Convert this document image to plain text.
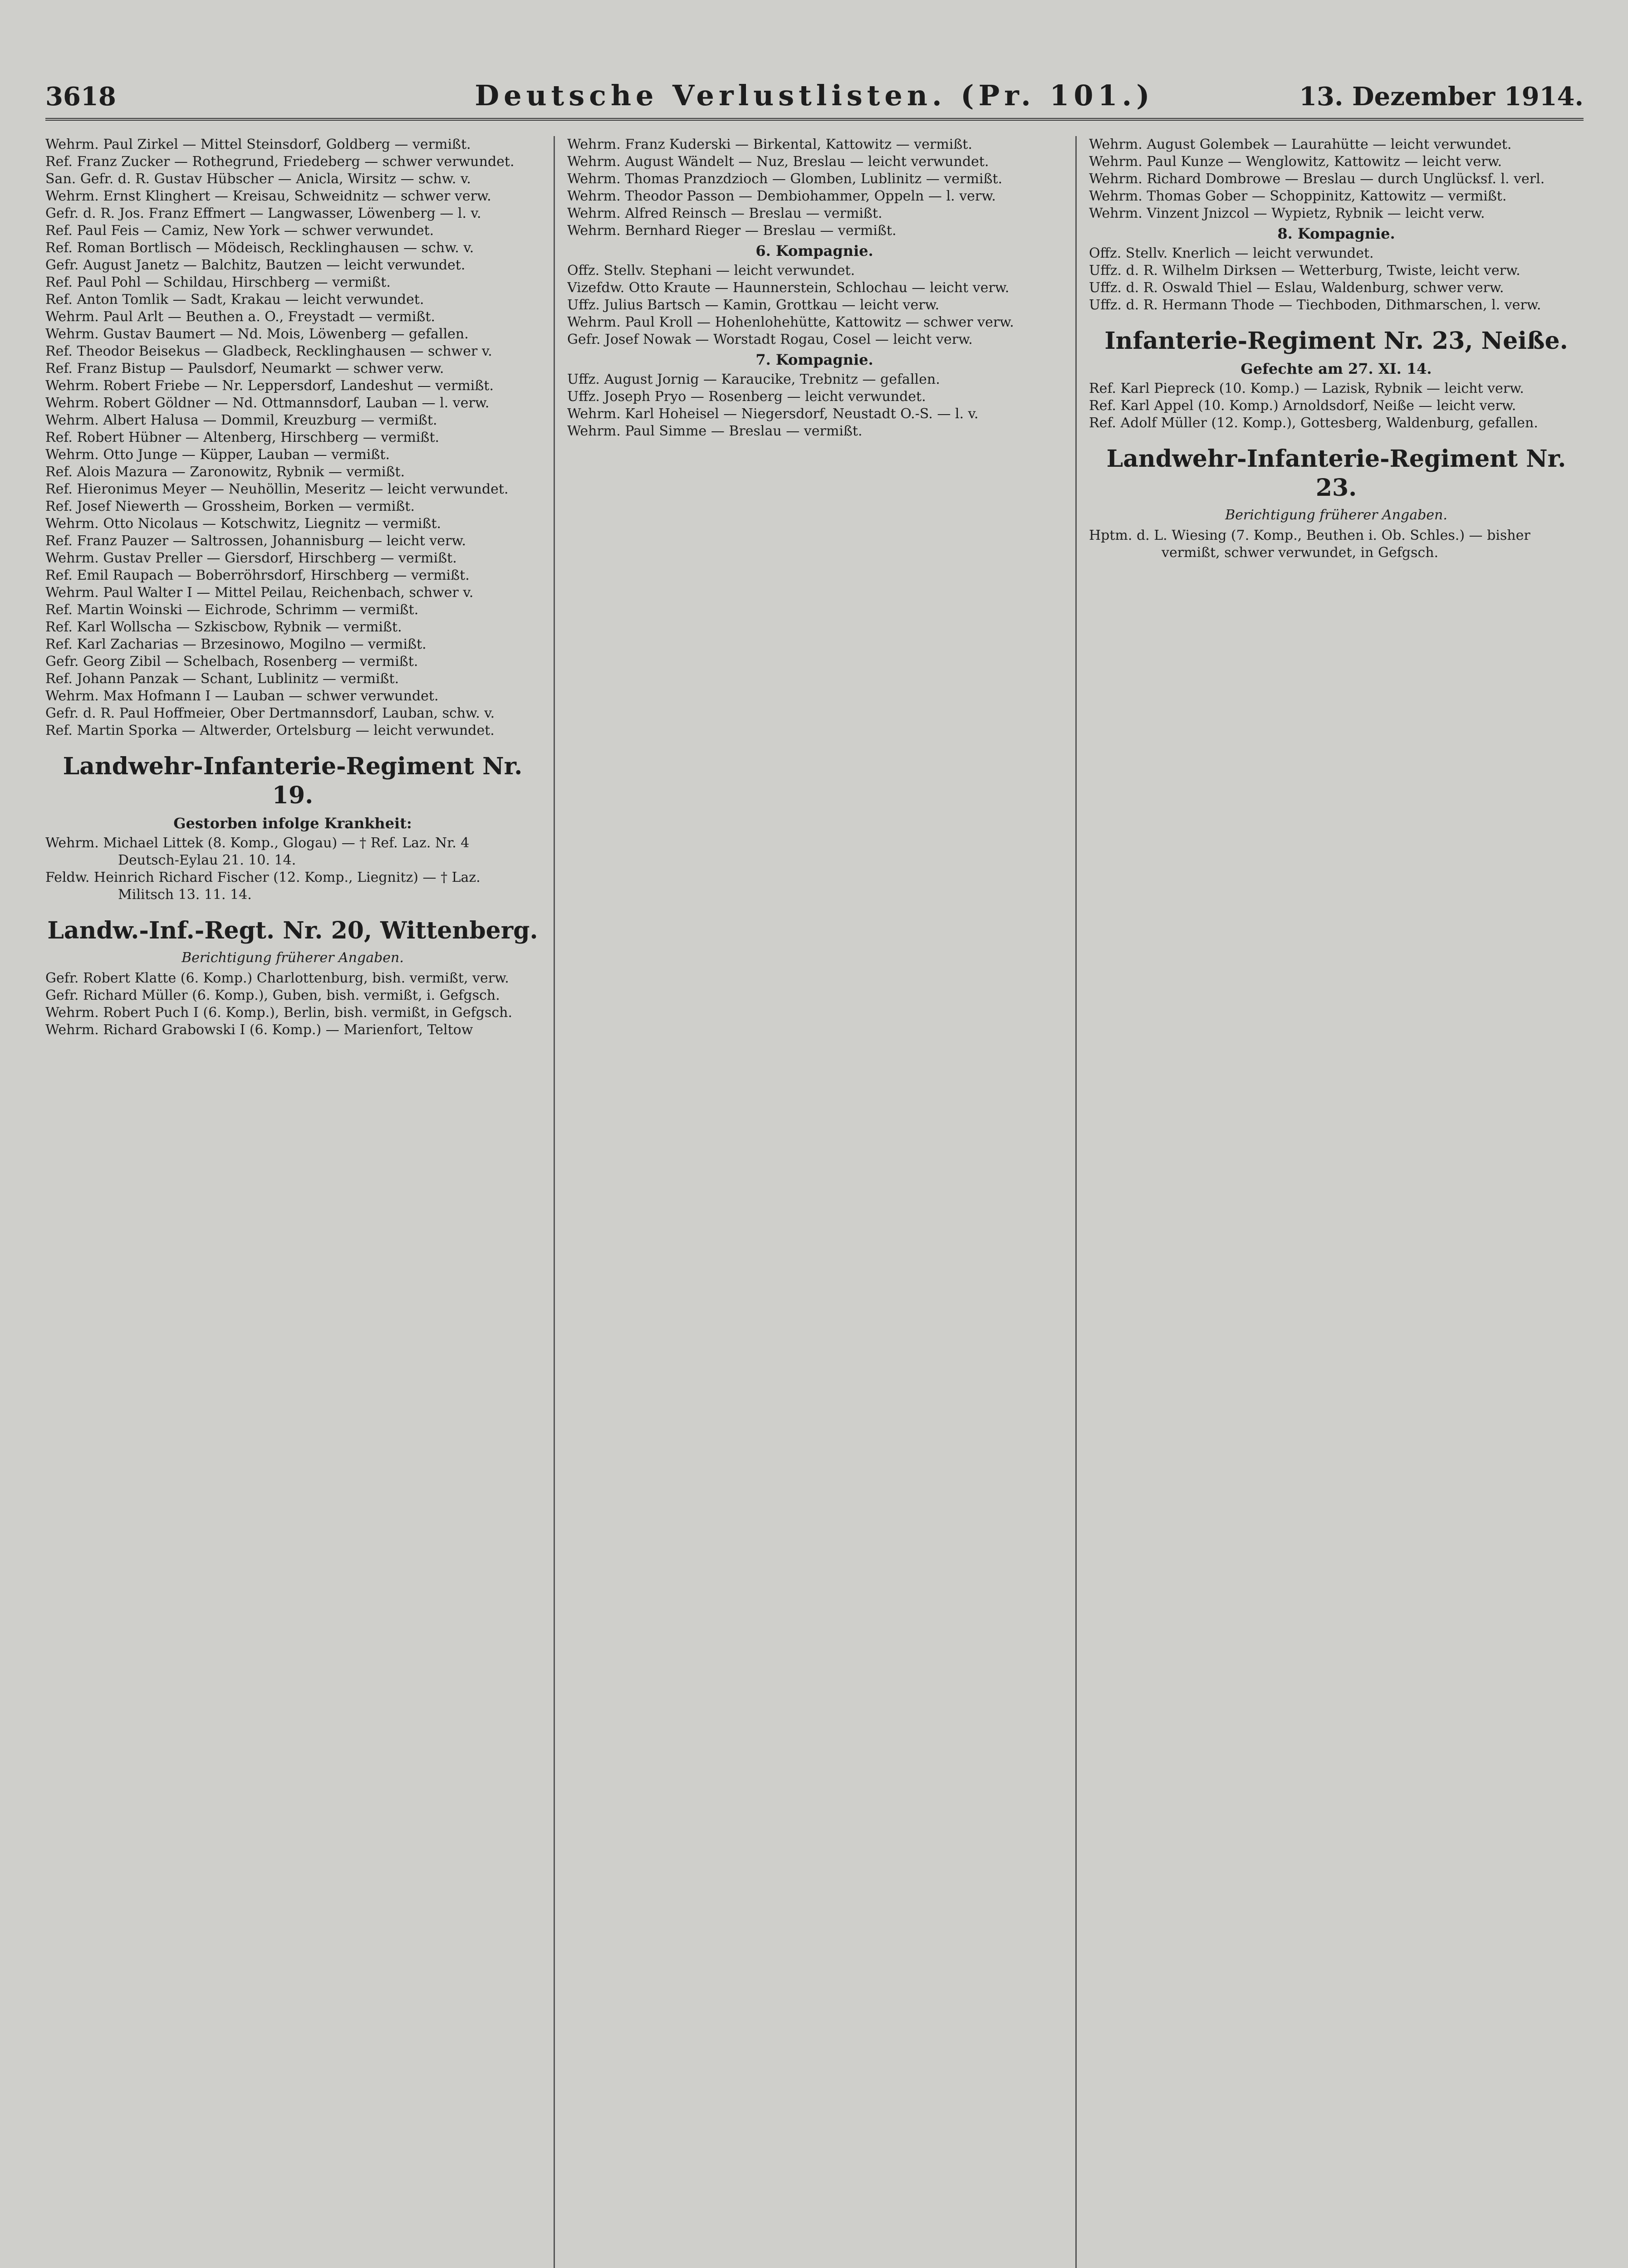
3618	Deutsche Verlustlisten. (Pr. 101.)	13. Dezember 1914.
Wehrm. Paul Zirkel — Mittel Steinsdorf, Goldberg — vermißt.
Ref. Franz Zucker — Rothegrund, Friedeberg — schwer verwundet.
San. Gefr. d. R. Gustav Hübscher — Anicla, Wirsitz — schw. v.
Wehrm. Ernst Klinghert — Kreisau, Schweidnitz — schwer verw.
Gefr. d. R. Jos. Franz Effmert — Langwasser, Löwenberg — l. v.
Ref. Paul Feis — Camiz, New York — schwer verwundet.
Ref. Roman Bortlisch — Mödeisch, Recklinghausen — schw. v.
Gefr. August Janetz — Balchitz, Bautzen — leicht verwundet.
Ref. Paul Pohl — Schildau, Hirschberg — vermißt.
Ref. Anton Tomlik — Sadt, Krakau — leicht verwundet.
Wehrm. Paul Arlt — Beuthen a. O., Freystadt — vermißt.
Wehrm. Gustav Baumert — Nd. Mois, Löwenberg — gefallen.
Ref. Theodor Beisekus — Gladbeck, Recklinghausen — schwer v.
Ref. Franz Bistup — Paulsdorf, Neumarkt — schwer verw.
Wehrm. Robert Friebe — Nr. Leppersdorf, Landeshut — vermißt.
Wehrm. Robert Göldner — Nd. Ottmannsdorf, Lauban — l. verw.
Wehrm. Albert Halusa — Dommil, Kreuzburg — vermißt.
Ref. Robert Hübner — Altenberg, Hirschberg — vermißt.
Wehrm. Otto Junge — Küpper, Lauban — vermißt.
Ref. Alois Mazura — Zaronowitz, Rybnik — vermißt.
Ref. Hieronimus Meyer — Neuhöllin, Meseritz — leicht verwundet.
Ref. Josef Niewerth — Grossheim, Borken — vermißt.
Wehrm. Otto Nicolaus — Kotschwitz, Liegnitz — vermißt.
Ref. Franz Pauzer — Saltrossen, Johannisburg — leicht verw.
Wehrm. Gustav Preller — Giersdorf, Hirschberg — vermißt.
Ref. Emil Raupach — Boberröhrsdorf, Hirschberg — vermißt.
Wehrm. Paul Walter I — Mittel Peilau, Reichenbach, schwer v.
Ref. Martin Woinski — Eichrode, Schrimm — vermißt.
Ref. Karl Wollscha — Szkiscbow, Rybnik — vermißt.
Ref. Karl Zacharias — Brzesinowo, Mogilno — vermißt.
Gefr. Georg Zibil — Schelbach, Rosenberg — vermißt.
Ref. Johann Panzak — Schant, Lublinitz — vermißt.
Wehrm. Max Hofmann I — Lauban — schwer verwundet.
Gefr. d. R. Paul Hoffmeier, Ober Dertmannsdorf, Lauban, schw. v.
Ref. Martin Sporka — Altwerder, Ortelsburg — leicht verwundet.
Landwehr-Infanterie-Regiment Nr. 19.
Gestorben infolge Krankheit:
Wehrm. Michael Littek (8. Komp., Glogau) — † Ref. Laz. Nr. 4
Deutsch-Eylau 21. 10. 14.
Feldw. Heinrich Richard Fischer (12. Komp., Liegnitz) — † Laz.
Militsch 13. 11. 14.
Landw.-Inf.-Regt. Nr. 20, Wittenberg.
Berichtigung früherer Angaben.
Gefr. Robert Klatte (6. Komp.) Charlottenburg, bish. vermißt, verw.
Gefr. Richard Müller (6. Komp.), Guben, bish. vermißt, i. Gefgsch.
Wehrm. Robert Puch I (6. Komp.), Berlin, bish. vermißt, in Gefgsch.
Wehrm. Richard Grabowski I (6. Komp.) — Marienfort, Teltow
Wehrm. Franz Kuderski — Birkental, Kattowitz — vermißt.
Wehrm. August Wändelt — Nuz, Breslau — leicht verwundet.
Wehrm. Thomas Pranzdzioch — Glomben, Lublinitz — vermißt.
Wehrm. Theodor Passon — Dembiohammer, Oppeln — l. verw.
Wehrm. Alfred Reinsch — Breslau — vermißt.
Wehrm. Bernhard Rieger — Breslau — vermißt.
6. Kompagnie.
Offz. Stellv. Stephani — leicht verwundet.
Vizefdw. Otto Kraute — Haunnerstein, Schlochau — leicht verw.
Uffz. Julius Bartsch — Kamin, Grottkau — leicht verw.
Wehrm. Paul Kroll — Hohenlohehütte, Kattowitz — schwer verw.
Gefr. Josef Nowak — Worstadt Rogau, Cosel — leicht verw.
7. Kompagnie.
Uffz. August Jornig — Karaucike, Trebnitz — gefallen.
Uffz. Joseph Pryo — Rosenberg — leicht verwundet.
Wehrm. Karl Hoheisel — Niegersdorf, Neustadt O.-S. — l. v.
Wehrm. Paul Simme — Breslau — vermißt.
Wehrm. August Golembek — Laurahütte — leicht verwundet.
Wehrm. Paul Kunze — Wenglowitz, Kattowitz — leicht verw.
Wehrm. Richard Dombrowe — Breslau — durch Unglücksf. l. verl.
Wehrm. Thomas Gober — Schoppinitz, Kattowitz — vermißt.
Wehrm. Vinzent Jnizcol — Wypietz, Rybnik — leicht verw.
8. Kompagnie.
Offz. Stellv. Knerlich — leicht verwundet.
Uffz. d. R. Wilhelm Dirksen — Wetterburg, Twiste, leicht verw.
Uffz. d. R. Oswald Thiel — Eslau, Waldenburg, schwer verw.
Uffz. d. R. Hermann Thode — Tiechboden, Dithmarschen, l. verw.
Infanterie-Regiment Nr. 23, Neiße.
Gefechte am 27. XI. 14.
Ref. Karl Piepreck (10. Komp.) — Lazisk, Rybnik — leicht verw.
Ref. Karl Appel (10. Komp.) Arnoldsdorf, Neiße — leicht verw.
Ref. Adolf Müller (12. Komp.), Gottesberg, Waldenburg, gefallen.
Landwehr-Infanterie-Regiment Nr. 23.
Berichtigung früherer Angaben.
Hptm. d. L. Wiesing (7. Komp., Beuthen i. Ob. Schles.) — bisher
vermißt, schwer verwundet, in Gefgsch.
